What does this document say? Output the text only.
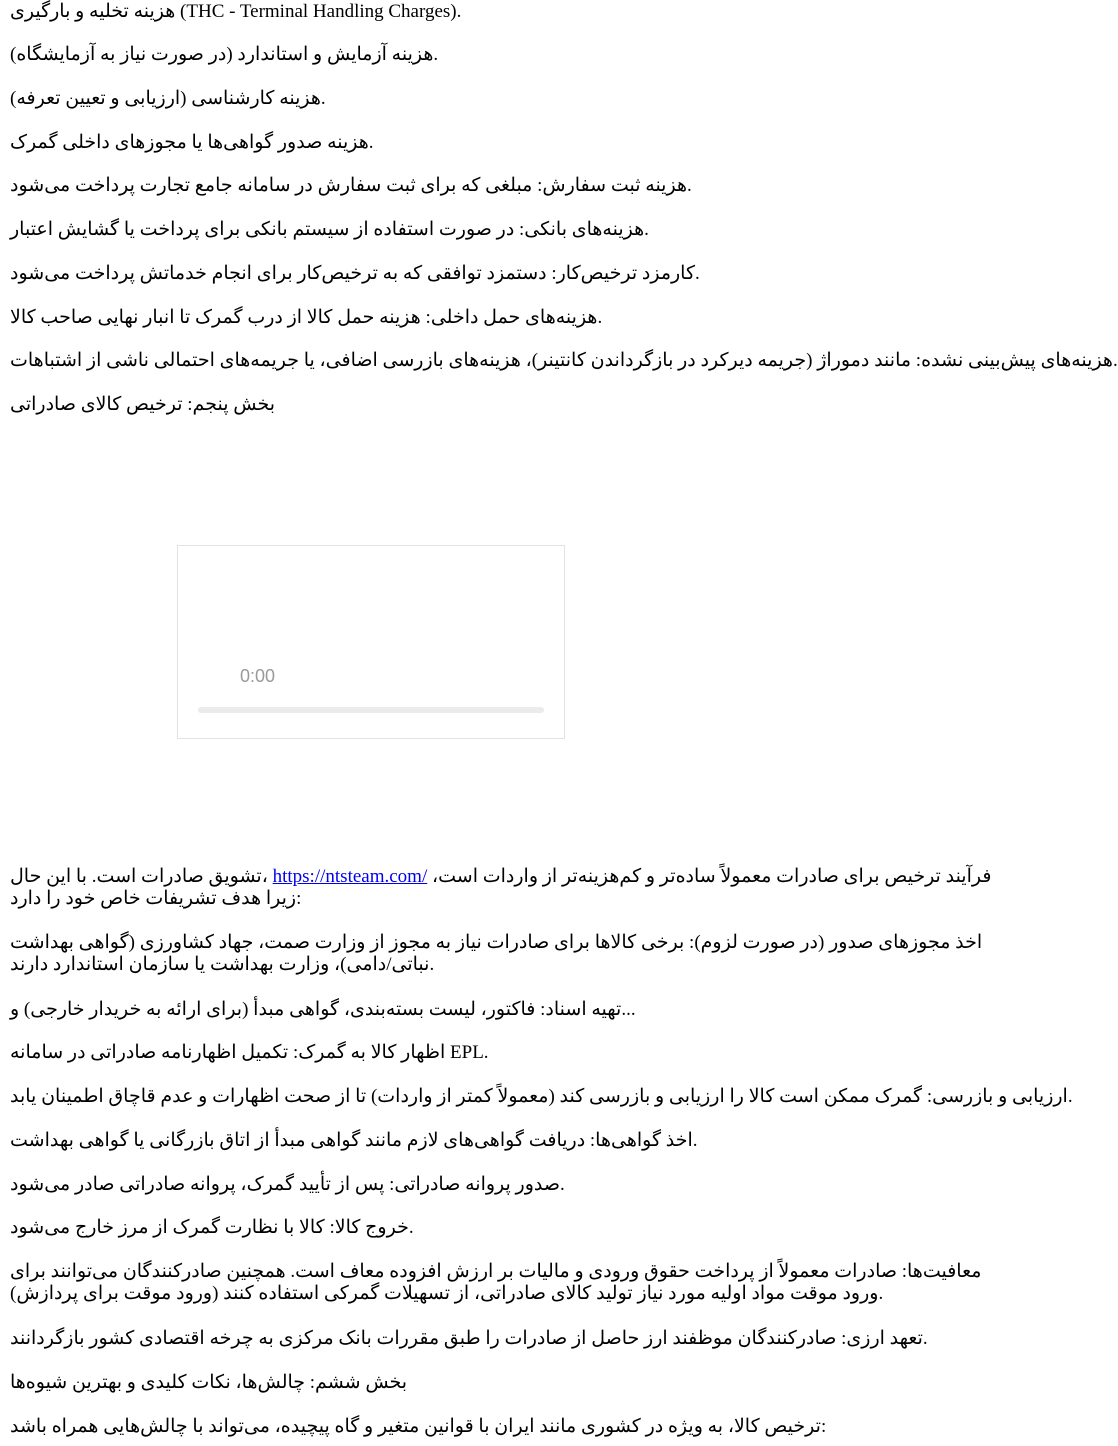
هزینه تخلیه و بارگیری (THC - Terminal Handling Charges).

هزینه آزمایش و استاندارد (در صورت نیاز به آزمایشگاه).

هزینه کارشناسی (ارزیابی و تعیین تعرفه).

هزینه صدور گواهی‌ها یا مجوزهای داخلی گمرک.

هزینه ثبت سفارش: مبلغی که برای ثبت سفارش در سامانه جامع تجارت پرداخت می‌شود.

هزینه‌های بانکی: در صورت استفاده از سیستم بانکی برای پرداخت یا گشایش اعتبار.

کارمزد ترخیص‌کار: دستمزد توافقی که به ترخیص‌کار برای انجام خدماتش پرداخت می‌شود.

هزینه‌های حمل داخلی: هزینه حمل کالا از درب گمرک تا انبار نهایی صاحب کالا.

هزینه‌های پیش‌بینی نشده: مانند دموراژ (جریمه دیرکرد در بازگرداندن کانتینر)، هزینه‌های بازرسی اضافی، یا جریمه‌های احتمالی ناشی از اشتباهات.

بخش پنجم: ترخیص کالای صادراتی

0:00

تشویق صادرات است. با این حال، https://ntsteam.com/ فرآیند ترخیص برای صادرات معمولاً ساده‌تر و کم‌هزینه‌تر از واردات است، زیرا هدف تشریفات خاص خود را دارد:

اخذ مجوزهای صدور (در صورت لزوم): برخی کالاها برای صادرات نیاز به مجوز از وزارت صمت، جهاد کشاورزی (گواهی بهداشت نباتی/دامی)، وزارت بهداشت یا سازمان استاندارد دارند.

تهیه اسناد: فاکتور، لیست بسته‌بندی، گواهی مبدأ (برای ارائه به خریدار خارجی) و...

اظهار کالا به گمرک: تکمیل اظهارنامه صادراتی در سامانه EPL.

ارزیابی و بازرسی: گمرک ممکن است کالا را ارزیابی و بازرسی کند (معمولاً کمتر از واردات) تا از صحت اظهارات و عدم قاچاق اطمینان یابد.

اخذ گواهی‌ها: دریافت گواهی‌های لازم مانند گواهی مبدأ از اتاق بازرگانی یا گواهی بهداشت.

صدور پروانه صادراتی: پس از تأیید گمرک، پروانه صادراتی صادر می‌شود.

خروج کالا: کالا با نظارت گمرک از مرز خارج می‌شود.

معافیت‌ها: صادرات معمولاً از پرداخت حقوق ورودی و مالیات بر ارزش افزوده معاف است. همچنین صادرکنندگان می‌توانند برای ورود موقت مواد اولیه مورد نیاز تولید کالای صادراتی، از تسهیلات گمرکی استفاده کنند (ورود موقت برای پردازش).

تعهد ارزی: صادرکنندگان موظفند ارز حاصل از صادرات را طبق مقررات بانک مرکزی به چرخه اقتصادی کشور بازگردانند.

بخش ششم: چالش‌ها، نکات کلیدی و بهترین شیوه‌ها

ترخیص کالا، به ویژه در کشوری مانند ایران با قوانین متغیر و گاه پیچیده، می‌تواند با چالش‌هایی همراه باشد:
